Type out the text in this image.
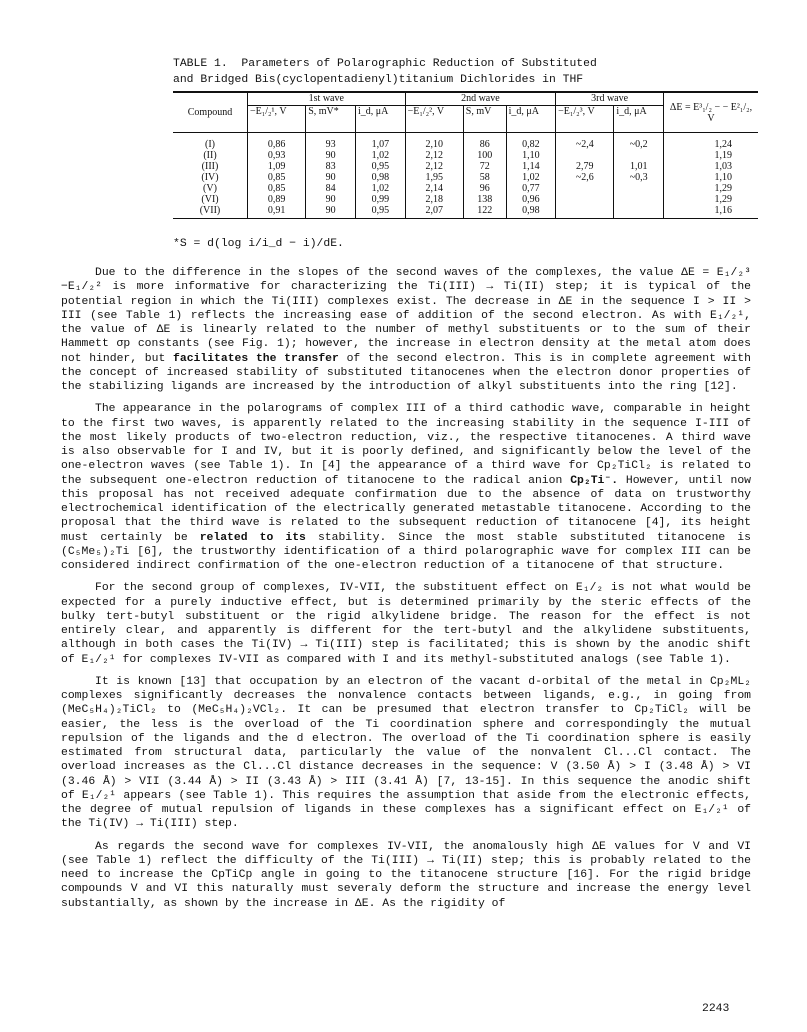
TABLE 1.  Parameters of Polarographic Reduction of Substituted
and Bridged Bis(cyclopentadienyl)titanium Dichlorides in THF
Compound	1st wave			2nd wave			3rd wave		ΔE = E³₁/₂ − − E²₁/₂, V
	−E₁/₂¹, V	S, mV*	i_d, μA	−E₁/₂², V	S, mV	i_d, μA	−E₁/₂³, V	i_d, μA	
(I)	0,86	93	1,07	2,10	86	0,82	~2,4	~0,2	1,24
(II)	0,93	90	1,02	2,12	100	1,10			1,19
(III)	1,09	83	0,95	2,12	72	1,14	2,79	1,01	1,03
(IV)	0,85	90	0,98	1,95	58	1,02	~2,6	~0,3	1,10
(V)	0,85	84	1,02	2,14	96	0,77			1,29
(VI)	0,89	90	0,99	2,18	138	0,96			1,29
(VII)	0,91	90	0,95	2,07	122	0,98			1,16
*S = d(log i/i_d − i)/dE.

Due to the difference in the slopes of the second waves of the complexes, the value ΔE = E₁/₂³ −E₁/₂² is more informative for characterizing the Ti(III) → Ti(II) step; it is typical of the potential region in which the Ti(III) complexes exist. The decrease in ΔE in the sequence I > II > III (see Table 1) reflects the increasing ease of addition of the second electron. As with E₁/₂¹, the value of ΔE is linearly related to the number of methyl substituents or to the sum of their Hammett σp constants (see Fig. 1); however, the increase in electron density at the metal atom does not hinder, but facilitates the transfer of the second electron. This is in complete agreement with the concept of increased stability of substituted titanocenes when the electron donor properties of the stabilizing ligands are increased by the introduction of alkyl substituents into the ring [12].

The appearance in the polarograms of complex III of a third cathodic wave, comparable in height to the first two waves, is apparently related to the increasing stability in the sequence I-III of the most likely products of two-electron reduction, viz., the respective titanocenes. A third wave is also observable for I and IV, but it is poorly defined, and significantly below the level of the one-electron waves (see Table 1). In [4] the appearance of a third wave for Cp₂TiCl₂ is related to the subsequent one-electron reduction of titanocene to the radical anion Cp₂Ti⁻. However, until now this proposal has not received adequate confirmation due to the absence of data on trustworthy electrochemical identification of the electrically generated metastable titanocene. According to the proposal that the third wave is related to the subsequent reduction of titanocene [4], its height must certainly be related to its stability. Since the most stable substituted titanocene is (C₅Me₅)₂Ti [6], the trustworthy identification of a third polarographic wave for complex III can be considered indirect confirmation of the one-electron reduction of a titanocene of that structure.

For the second group of complexes, IV-VII, the substituent effect on E₁/₂ is not what would be expected for a purely inductive effect, but is determined primarily by the steric effects of the bulky tert-butyl substituent or the rigid alkylidene bridge. The reason for the effect is not entirely clear, and apparently is different for the tert-butyl and the alkylidene substituents, although in both cases the Ti(IV) → Ti(III) step is facilitated; this is shown by the anodic shift of E₁/₂¹ for complexes IV-VII as compared with I and its methyl-substituted analogs (see Table 1).

It is known [13] that occupation by an electron of the vacant d-orbital of the metal in Cp₂ML₂ complexes significantly decreases the nonvalence contacts between ligands, e.g., in going from (MeC₅H₄)₂TiCl₂ to (MeC₅H₄)₂VCl₂. It can be presumed that electron transfer to Cp₂TiCl₂ will be easier, the less is the overload of the Ti coordination sphere and correspondingly the mutual repulsion of the ligands and the d electron. The overload of the Ti coordination sphere is easily estimated from structural data, particularly the value of the nonvalent Cl...Cl contact. The overload increases as the Cl...Cl distance decreases in the sequence: V (3.50 Å) > I (3.48 Å) > VI (3.46 Å) > VII (3.44 Å) > II (3.43 Å) > III (3.41 Å) [7, 13-15]. In this sequence the anodic shift of E₁/₂¹ appears (see Table 1). This requires the assumption that aside from the electronic effects, the degree of mutual repulsion of ligands in these complexes has a significant effect on E₁/₂¹ of the Ti(IV) → Ti(III) step.

As regards the second wave for complexes IV-VII, the anomalously high ΔE values for V and VI (see Table 1) reflect the difficulty of the Ti(III) → Ti(II) step; this is probably related to the need to increase the CpTiCp angle in going to the titanocene structure [16]. For the rigid bridge compounds V and VI this naturally must severaly deform the structure and increase the energy level substantially, as shown by the increase in ΔE. As the rigidity of

2243
